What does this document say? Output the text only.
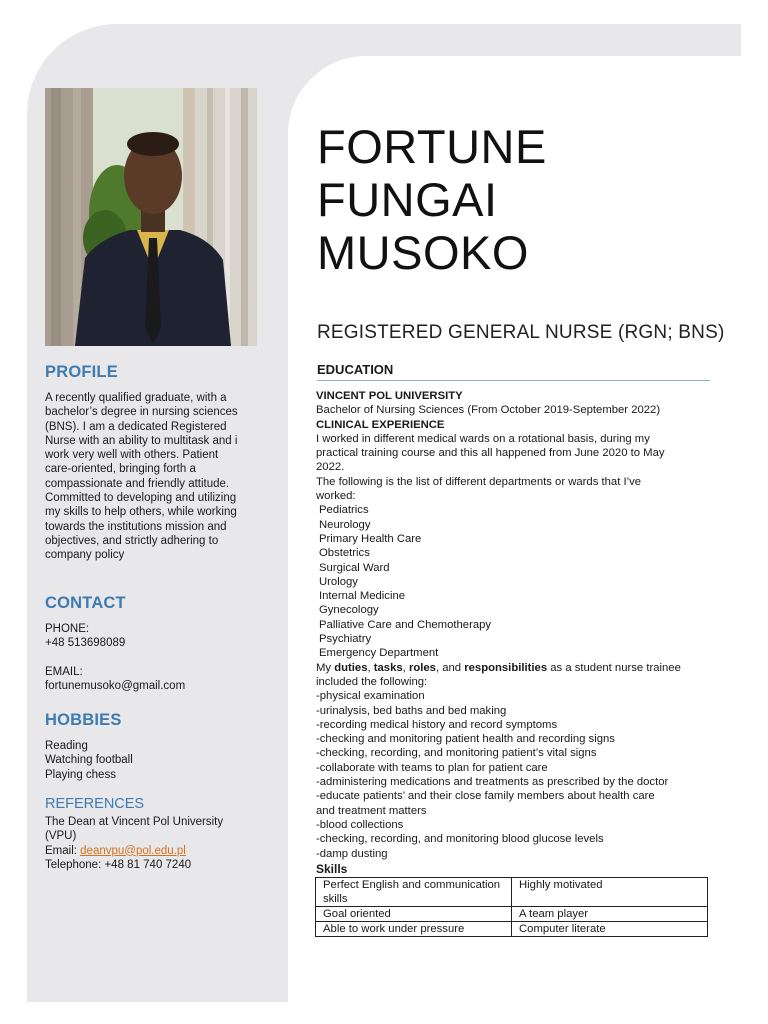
PROFILE
A recently qualified graduate, with a
bachelor’s degree in nursing sciences
(BNS). I am a dedicated Registered
Nurse with an ability to multitask and i
work very well with others. Patient
care-oriented, bringing forth a
compassionate and friendly attitude.
Committed to developing and utilizing
my skills to help others, while working
towards the institutions mission and
objectives, and strictly adhering to
company policy
CONTACT
PHONE:
+48 513698089
EMAIL:
fortunemusoko@gmail.com
HOBBIES
Reading
Watching football
Playing chess
REFERENCES
The Dean at Vincent Pol University
(VPU)
Email: deanvpu@pol.edu.pl
Telephone: +48 81 740 7240
FORTUNE
FUNGAI
MUSOKO
REGISTERED GENERAL NURSE (RGN; BNS)
EDUCATION
VINCENT POL UNIVERSITY
Bachelor of Nursing Sciences (From October 2019-September 2022)
CLINICAL EXPERIENCE
I worked in different medical wards on a rotational basis, during my
practical training course and this all happened from June 2020 to May
2022.
The following is the list of different departments or wards that I’ve
worked:
Pediatrics
Neurology
Primary Health Care
Obstetrics
Surgical Ward
Urology
Internal Medicine
Gynecology
Palliative Care and Chemotherapy
Psychiatry
Emergency Department
My duties, tasks, roles, and responsibilities as a student nurse trainee
included the following:
-physical examination
-urinalysis, bed baths and bed making
-recording medical history and record symptoms
-checking and monitoring patient health and recording signs
-checking, recording, and monitoring patient’s vital signs
-collaborate with teams to plan for patient care
-administering medications and treatments as prescribed by the doctor
-educate patients’ and their close family members about health care
and treatment matters
-blood collections
-checking, recording, and monitoring blood glucose levels
-damp dusting
Skills
Perfect English and communication skills	Highly motivated
Goal oriented	A team player
Able to work under pressure	Computer literate
